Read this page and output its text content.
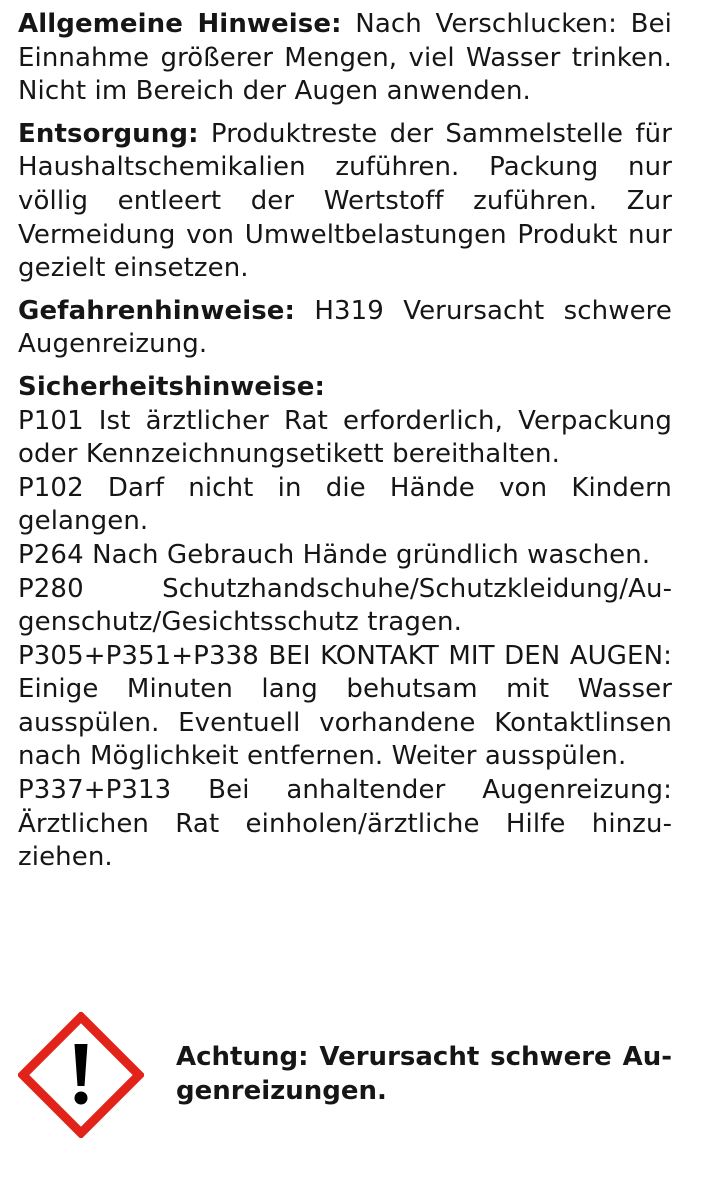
Allgemeine Hinweise: Nach Verschlucken: Bei Einnahme größerer Mengen, viel Wasser trinken. Nicht im Bereich der Augen anwenden.

Entsorgung: Produktreste der Sammelstelle für Haushaltschemikalien zuführen. Packung nur völlig entleert der Wertstoff zuführen. Zur Vermeidung von Umweltbelastungen Produkt nur gezielt einsetzen.

Gefahrenhinweise: H319 Verursacht schwere Augenreizung.

Sicherheitshinweise:

P101 Ist ärztlicher Rat erforderlich, Verpackung oder Kennzeichnungsetikett bereithalten.

P102 Darf nicht in die Hände von Kindern gelangen.

P264 Nach Gebrauch Hände gründlich waschen.

P280 Schutzhandschuhe/Schutzkleidung/Augenschutz/Gesichtsschutz tragen.

P305+P351+P338 BEI KONTAKT MIT DEN AUGEN: Einige Minuten lang behutsam mit Wasser ausspülen. Eventuell vorhandene Kontaktlinsen nach Möglichkeit entfernen. Weiter ausspülen.

P337+P313 Bei anhaltender Augenreizung: Ärztlichen Rat einholen/ärztliche Hilfe hinzuziehen.

Achtung: Verursacht schwere Augenreizungen.
